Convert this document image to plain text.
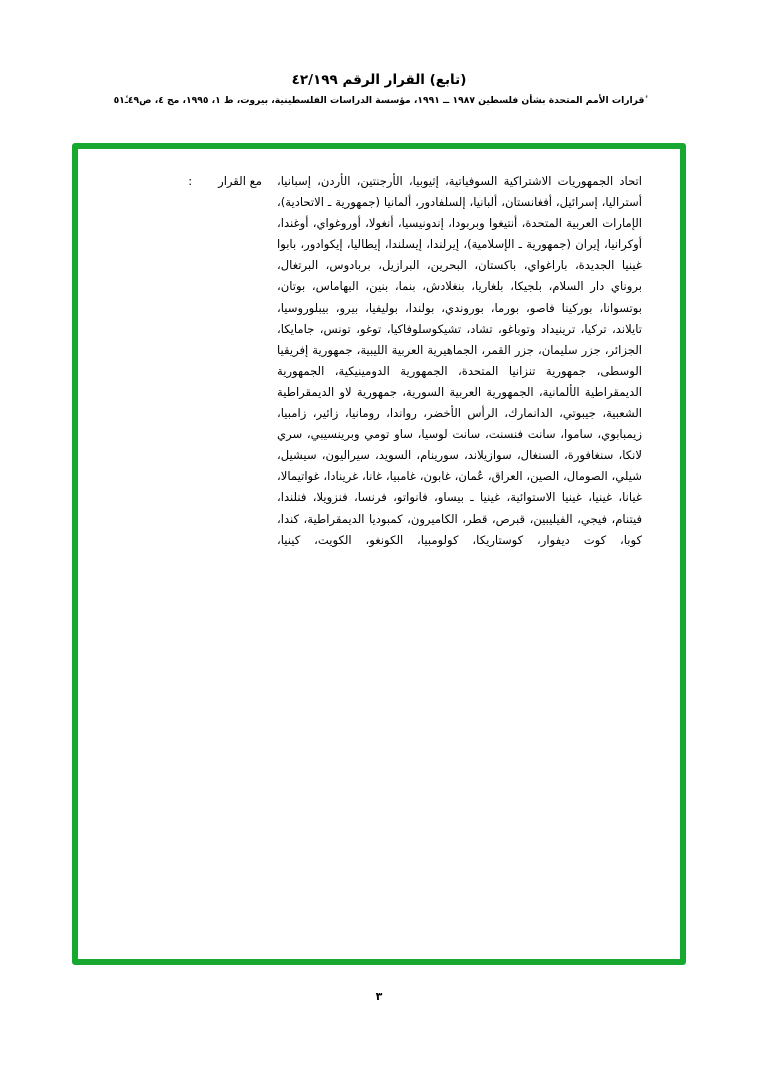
(تابع) القرار الرقم ٤٢/١٩٩

ٔقرارات الأمم المتحدة بشأن فلسطين ١٩٨٧ ــ ١٩٩١، مؤسسة الدراسات الفلسطينية، بيروت، ط ١، ١٩٩٥، مج ٤، ص٤٩ـ٥١ٔ

مع القرار:	اتحاد الجمهوريات الاشتراكية السوفياتية، إثيوبيا، الأرجنتين، الأردن، إسبانيا، أستراليا، إسرائيل، أفغانستان، ألبانيا، إلسلفادور، ألمانيا (جمهورية ـ الاتحادية)، الإمارات العربية المتحدة، أنتيغوا وبربودا، إندونيسيا، أنغولا، أوروغواي، أوغندا، أوكرانيا، إيران (جمهورية ـ الإسلامية)، إيرلندا، إيسلندا، إيطاليا، إيكوادور، بابوا غينيا الجديدة، باراغواي، باكستان، البحرين، البرازيل، بربادوس، البرتغال، بروناي دار السلام، بلجيكا، بلغاريا، بنغلادش، بنما، بنين، البهاماس، بوتان، بوتسوانا، بوركينا فاصو، بورما، بوروندي، بولندا، بوليفيا، بيرو، بيبلوروسيا، تايلاند، تركيا، ترينيداد وتوباغو، تشاد، تشيكوسلوفاكيا، توغو، تونس، جامايكا، الجزائر، جزر سليمان، جزر القمر، الجماهيرية العربية الليبية، جمهورية إفريقيا الوسطى، جمهورية تنزانيا المتحدة، الجمهورية الدومينيكية، الجمهورية الديمقراطية الألمانية، الجمهورية العربية السورية، جمهورية لاو الديمقراطية الشعبية، جيبوتي، الدانمارك، الرأس الأخضر، رواندا، رومانيا، زائير، زامبيا، زيمبابوي، ساموا، سانت فنسنت، سانت لوسيا، ساو تومي وبرينسيبي، سري لانكا، سنغافورة، السنغال، سوازيلاند، سورينام، السويد، سيراليون، سيشيل، شيلي، الصومال، الصين، العراق، عُمان، غابون، غامبيا، غانا، غرينادا، غواتيمالا، غيانا، غينيا، غينيا الاستوائية، غينيا ـ بيساو، فانواتو، فرنسا، فنزويلا، فنلندا، فيتنام، فيجي، الفيليبين، قبرص، قطر، الكاميرون، كمبوديا الديمقراطية، كندا، كوبا، كوت ديفوار، كوستاريكا، كولومبيا، الكونغو، الكويت، كينيا،
٣
